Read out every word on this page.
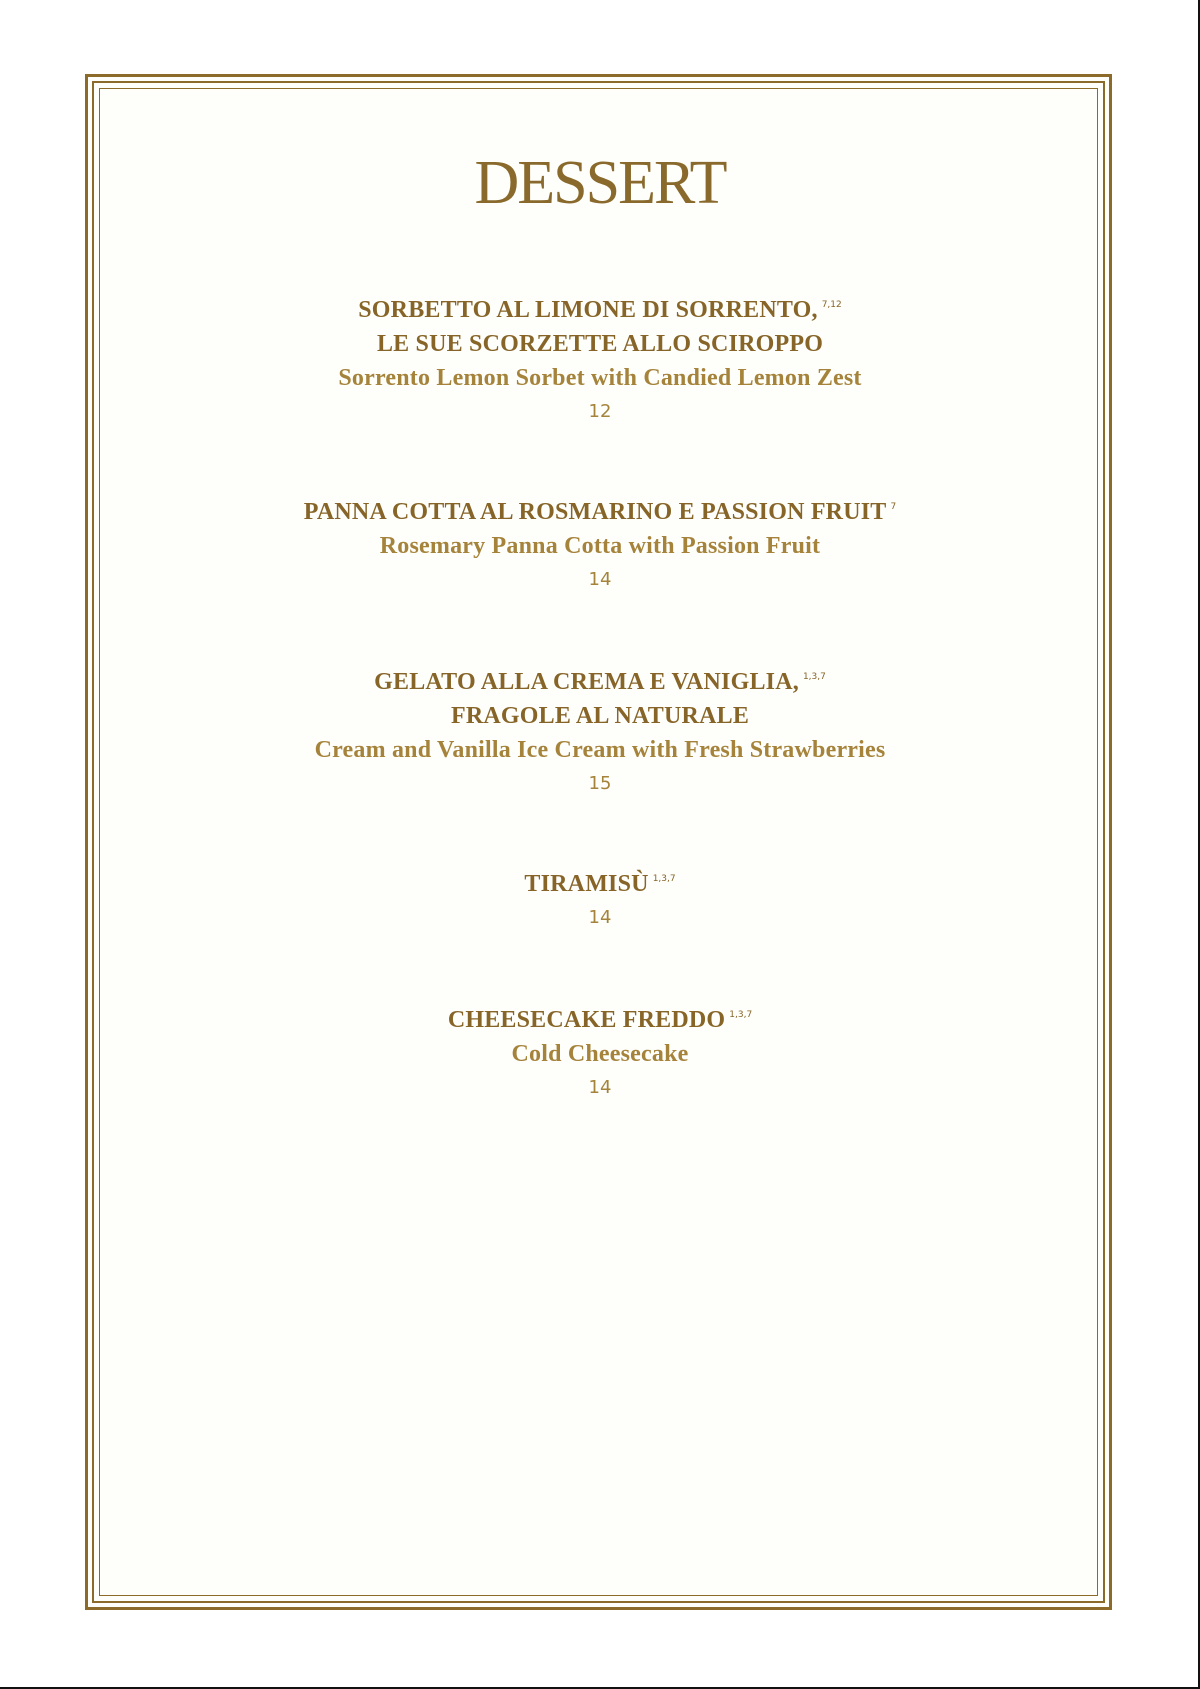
DESSERT
SORBETTO AL LIMONE DI SORRENTO, $^{7,12}$
LE SUE SCORZETTE ALLO SCIROPPO
Sorrento Lemon Sorbet with Candied Lemon Zest
12
PANNA COTTA AL ROSMARINO E PASSION FRUIT $^7$
Rosemary Panna Cotta with Passion Fruit
14
GELATO ALLA CREMA E VANIGLIA, $^{1,3,7}$
FRAGOLE AL NATURALE
Cream and Vanilla Ice Cream with Fresh Strawberries
15
TIRAMISÙ $^{1,3,7}$
14
CHEESECAKE FREDDO $^{1,3,7}$
Cold Cheesecake
14
